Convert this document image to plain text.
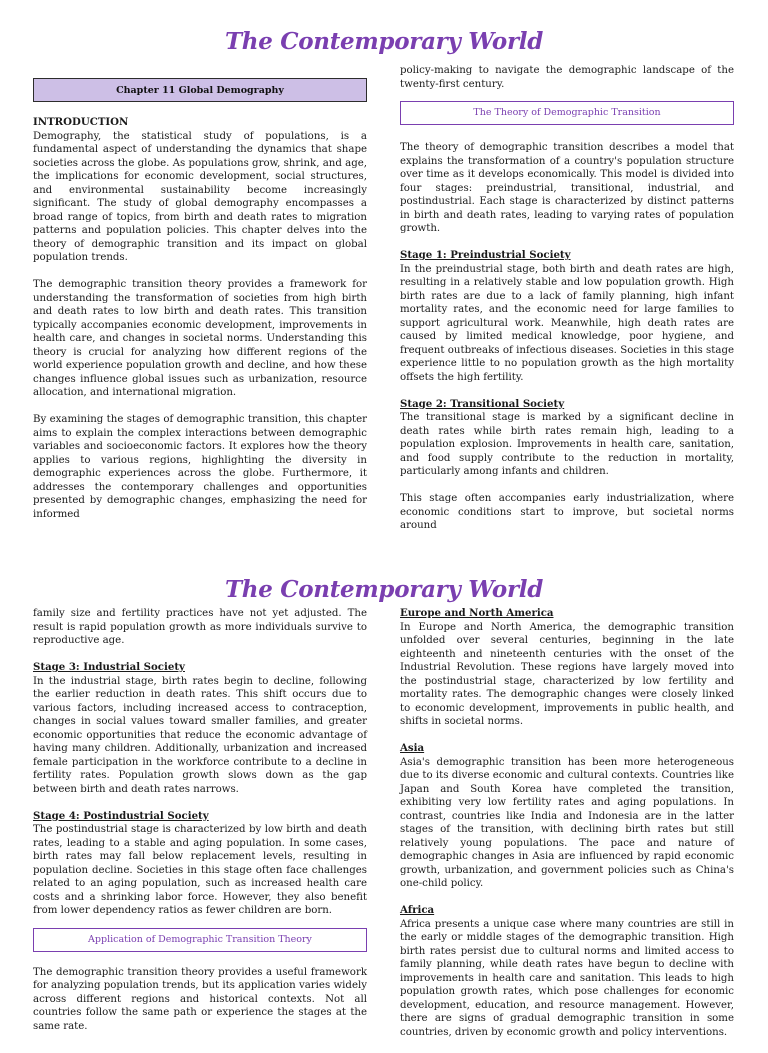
The Contemporary World
Chapter 11 Global Demography
INTRODUCTION

Demography, the statistical study of populations, is a fundamental aspect of understanding the dynamics that shape societies across the globe. As populations grow, shrink, and age, the implications for economic development, social structures, and environmental sustainability become increasingly significant. The study of global demography encompasses a broad range of topics, from birth and death rates to migration patterns and population policies. This chapter delves into the theory of demographic transition and its impact on global population trends.

The demographic transition theory provides a framework for understanding the transformation of societies from high birth and death rates to low birth and death rates. This transition typically accompanies economic development, improvements in health care, and changes in societal norms. Understanding this theory is crucial for analyzing how different regions of the world experience population growth and decline, and how these changes influence global issues such as urbanization, resource allocation, and international migration.

By examining the stages of demographic transition, this chapter aims to explain the complex interactions between demographic variables and socioeconomic factors. It explores how the theory applies to various regions, highlighting the diversity in demographic experiences across the globe. Furthermore, it addresses the contemporary challenges and opportunities presented by demographic changes, emphasizing the need for informed

policy-making to navigate the demographic landscape of the twenty-first century.

The Theory of Demographic Transition

The theory of demographic transition describes a model that explains the transformation of a country's population structure over time as it develops economically. This model is divided into four stages: preindustrial, transitional, industrial, and postindustrial. Each stage is characterized by distinct patterns in birth and death rates, leading to varying rates of population growth.

Stage 1: Preindustrial Society

In the preindustrial stage, both birth and death rates are high, resulting in a relatively stable and low population growth. High birth rates are due to a lack of family planning, high infant mortality rates, and the economic need for large families to support agricultural work. Meanwhile, high death rates are caused by limited medical knowledge, poor hygiene, and frequent outbreaks of infectious diseases. Societies in this stage experience little to no population growth as the high mortality offsets the high fertility.

Stage 2: Transitional Society

The transitional stage is marked by a significant decline in death rates while birth rates remain high, leading to a population explosion. Improvements in health care, sanitation, and food supply contribute to the reduction in mortality, particularly among infants and children.

This stage often accompanies early industrialization, where economic conditions start to improve, but societal norms around

The Contemporary World

family size and fertility practices have not yet adjusted. The result is rapid population growth as more individuals survive to reproductive age.

Stage 3: Industrial Society

In the industrial stage, birth rates begin to decline, following the earlier reduction in death rates. This shift occurs due to various factors, including increased access to contraception, changes in social values toward smaller families, and greater economic opportunities that reduce the economic advantage of having many children. Additionally, urbanization and increased female participation in the workforce contribute to a decline in fertility rates. Population growth slows down as the gap between birth and death rates narrows.

Stage 4: Postindustrial Society

The postindustrial stage is characterized by low birth and death rates, leading to a stable and aging population. In some cases, birth rates may fall below replacement levels, resulting in population decline. Societies in this stage often face challenges related to an aging population, such as increased health care costs and a shrinking labor force. However, they also benefit from lower dependency ratios as fewer children are born.

Application of Demographic Transition Theory

The demographic transition theory provides a useful framework for analyzing population trends, but its application varies widely across different regions and historical contexts. Not all countries follow the same path or experience the stages at the same rate.

Europe and North America

In Europe and North America, the demographic transition unfolded over several centuries, beginning in the late eighteenth and nineteenth centuries with the onset of the Industrial Revolution. These regions have largely moved into the postindustrial stage, characterized by low fertility and mortality rates. The demographic changes were closely linked to economic development, improvements in public health, and shifts in societal norms.

Asia

Asia's demographic transition has been more heterogeneous due to its diverse economic and cultural contexts. Countries like Japan and South Korea have completed the transition, exhibiting very low fertility rates and aging populations. In contrast, countries like India and Indonesia are in the latter stages of the transition, with declining birth rates but still relatively young populations. The pace and nature of demographic changes in Asia are influenced by rapid economic growth, urbanization, and government policies such as China's one-child policy.

Africa

Africa presents a unique case where many countries are still in the early or middle stages of the demographic transition. High birth rates persist due to cultural norms and limited access to family planning, while death rates have begun to decline with improvements in health care and sanitation. This leads to high population growth rates, which pose challenges for economic development, education, and resource management. However, there are signs of gradual demographic transition in some countries, driven by economic growth and policy interventions.
